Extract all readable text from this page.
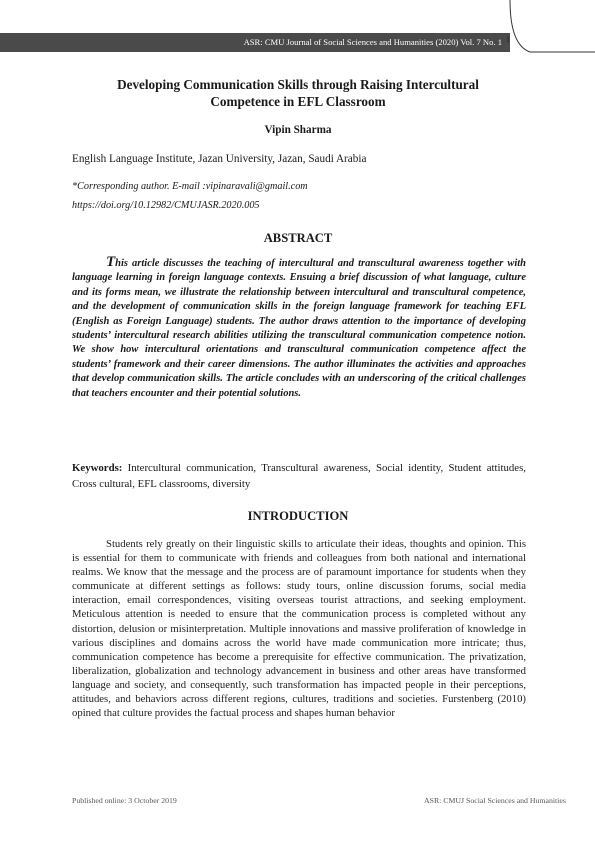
ASR: CMU Journal of Social Sciences and Humanities (2020) Vol. 7 No. 1 1
Developing Communication Skills through Raising Intercultural
Competence in EFL Classroom
Vipin Sharma
English Language Institute, Jazan University, Jazan, Saudi Arabia
*Corresponding author. E-mail :vipinaravali@gmail.com
https://doi.org/10.12982/CMUJASR.2020.005
ABSTRACT
This article discusses the teaching of intercultural and transcultural awareness together with language learning in foreign language contexts. Ensuing a brief discussion of what language, culture and its forms mean, we illustrate the relationship between intercultural and transcultural competence, and the development of communication skills in the foreign language framework for teaching EFL (English as Foreign Language) students. The author draws attention to the importance of developing students’ intercultural research abilities utilizing the transcultural communication competence notion. We show how intercultural orientations and transcultural communication competence affect the students’ framework and their career dimensions. The author illuminates the activities and approaches that develop communication skills. The article concludes with an underscoring of the critical challenges that teachers encounter and their potential solutions.
Keywords: Intercultural communication, Transcultural awareness, Social identity, Student attitudes, Cross cultural, EFL classrooms, diversity
INTRODUCTION
Students rely greatly on their linguistic skills to articulate their ideas, thoughts and opinion. This is essential for them to communicate with friends and colleagues from both national and international realms. We know that the message and the process are of paramount importance for students when they communicate at different settings as follows: study tours, online discussion forums, social media interaction, email correspondences, visiting overseas tourist attractions, and seeking employment. Meticulous attention is needed to ensure that the communication process is completed without any distortion, delusion or misinterpretation. Multiple innovations and massive proliferation of knowledge in various disciplines and domains across the world have made communication more intricate; thus, communication competence has become a prerequisite for effective communication. The privatization, liberalization, globalization and technology advancement in business and other areas have transformed language and society, and consequently, such transformation has impacted people in their perceptions, attitudes, and behaviors across different regions, cultures, traditions and societies. Furstenberg (2010) opined that culture provides the factual process and shapes human behavior
Published online: 3 October 2019	ASR: CMUJ Social Sciences and Humanities
